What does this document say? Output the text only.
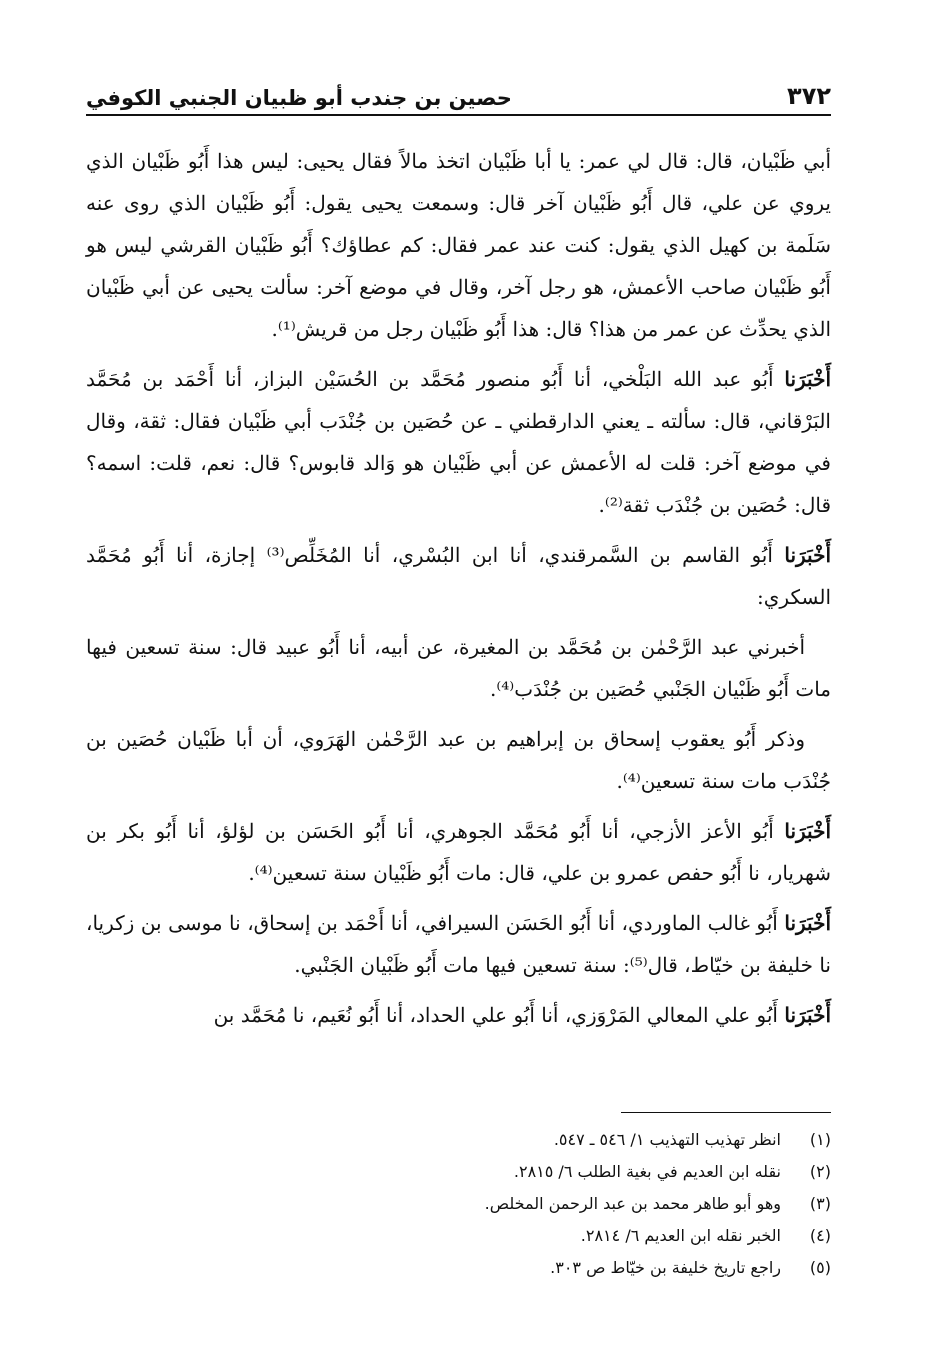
٣٧٢
حصين بن جندب أبو ظبيان الجنبي الكوفي

أبي ظَبْيان، قال: قال لي عمر: يا أبا ظَبْيان اتخذ مالاً فقال يحيى: ليس هذا أَبُو ظَبْيان الذي يروي عن علي، قال أَبُو ظَبْيان آخر قال: وسمعت يحيى يقول: أَبُو ظَبْيان الذي روى عنه سَلَمة بن كهيل الذي يقول: كنت عند عمر فقال: كم عطاؤك؟ أَبُو ظَبْيان القرشي ليس هو أَبُو ظَبْيان صاحب الأعمش، هو رجل آخر، وقال في موضع آخر: سألت يحيى عن أبي ظَبْيان الذي يحدِّث عن عمر من هذا؟ قال: هذا أَبُو ظَبْيان رجل من قريش⁽¹⁾.

أَخْبَرَنا أَبُو عبد الله البَلْخي، أنا أَبُو منصور مُحَمَّد بن الحُسَيْن البزاز، أنا أَحْمَد بن مُحَمَّد البَرْقاني، قال: سألته ـ يعني الدارقطني ـ عن حُصَين بن جُنْدَب أبي ظَبْيان فقال: ثقة، وقال في موضع آخر: قلت له الأعمش عن أبي ظَبْيان هو وَالد قابوس؟ قال: نعم، قلت: اسمه؟ قال: حُصَين بن جُنْدَب ثقة⁽²⁾.

أَخْبَرَنا أَبُو القاسم بن السَّمرقندي، أنا ابن البُسْري، أنا المُخَلِّص⁽³⁾ إجازة، أنا أَبُو مُحَمَّد السكري:

أخبرني عبد الرَّحْمٰن بن مُحَمَّد بن المغيرة، عن أبيه، أنا أَبُو عبيد قال: سنة تسعين فيها مات أَبُو ظَبْيان الجَنْبي حُصَين بن جُنْدَب⁽⁴⁾.

وذكر أَبُو يعقوب إسحاق بن إبراهيم بن عبد الرَّحْمٰن الهَرَوي، أن أبا ظَبْيان حُصَين بن جُنْدَب مات سنة تسعين⁽⁴⁾.

أَخْبَرَنا أَبُو الأعز الأزجي، أنا أَبُو مُحَمَّد الجوهري، أنا أَبُو الحَسَن بن لؤلؤ، أنا أَبُو بكر بن شهريار، نا أَبُو حفص عمرو بن علي، قال: مات أَبُو ظَبْيان سنة تسعين⁽⁴⁾.

أَخْبَرَنا أَبُو غالب الماوردي، أنا أَبُو الحَسَن السيرافي، أنا أَحْمَد بن إسحاق، نا موسى بن زكريا، نا خليفة بن خيّاط، قال⁽⁵⁾: سنة تسعين فيها مات أَبُو ظَبْيان الجَنْبي.

أَخْبَرَنا أَبُو علي المعالي المَرْوَزي، أنا أَبُو علي الحداد، أنا أَبُو نُعَيم، نا مُحَمَّد بن

(١)
انظر تهذيب التهذيب ١/ ٥٤٦ ـ ٥٤٧.
(٢)
نقله ابن العديم في بغية الطلب ٦/ ٢٨١٥.
(٣)
وهو أبو طاهر محمد بن عبد الرحمن المخلص.
(٤)
الخبر نقله ابن العديم ٦/ ٢٨١٤.
(٥)
راجع تاريخ خليفة بن خيّاط ص ٣٠٣.
